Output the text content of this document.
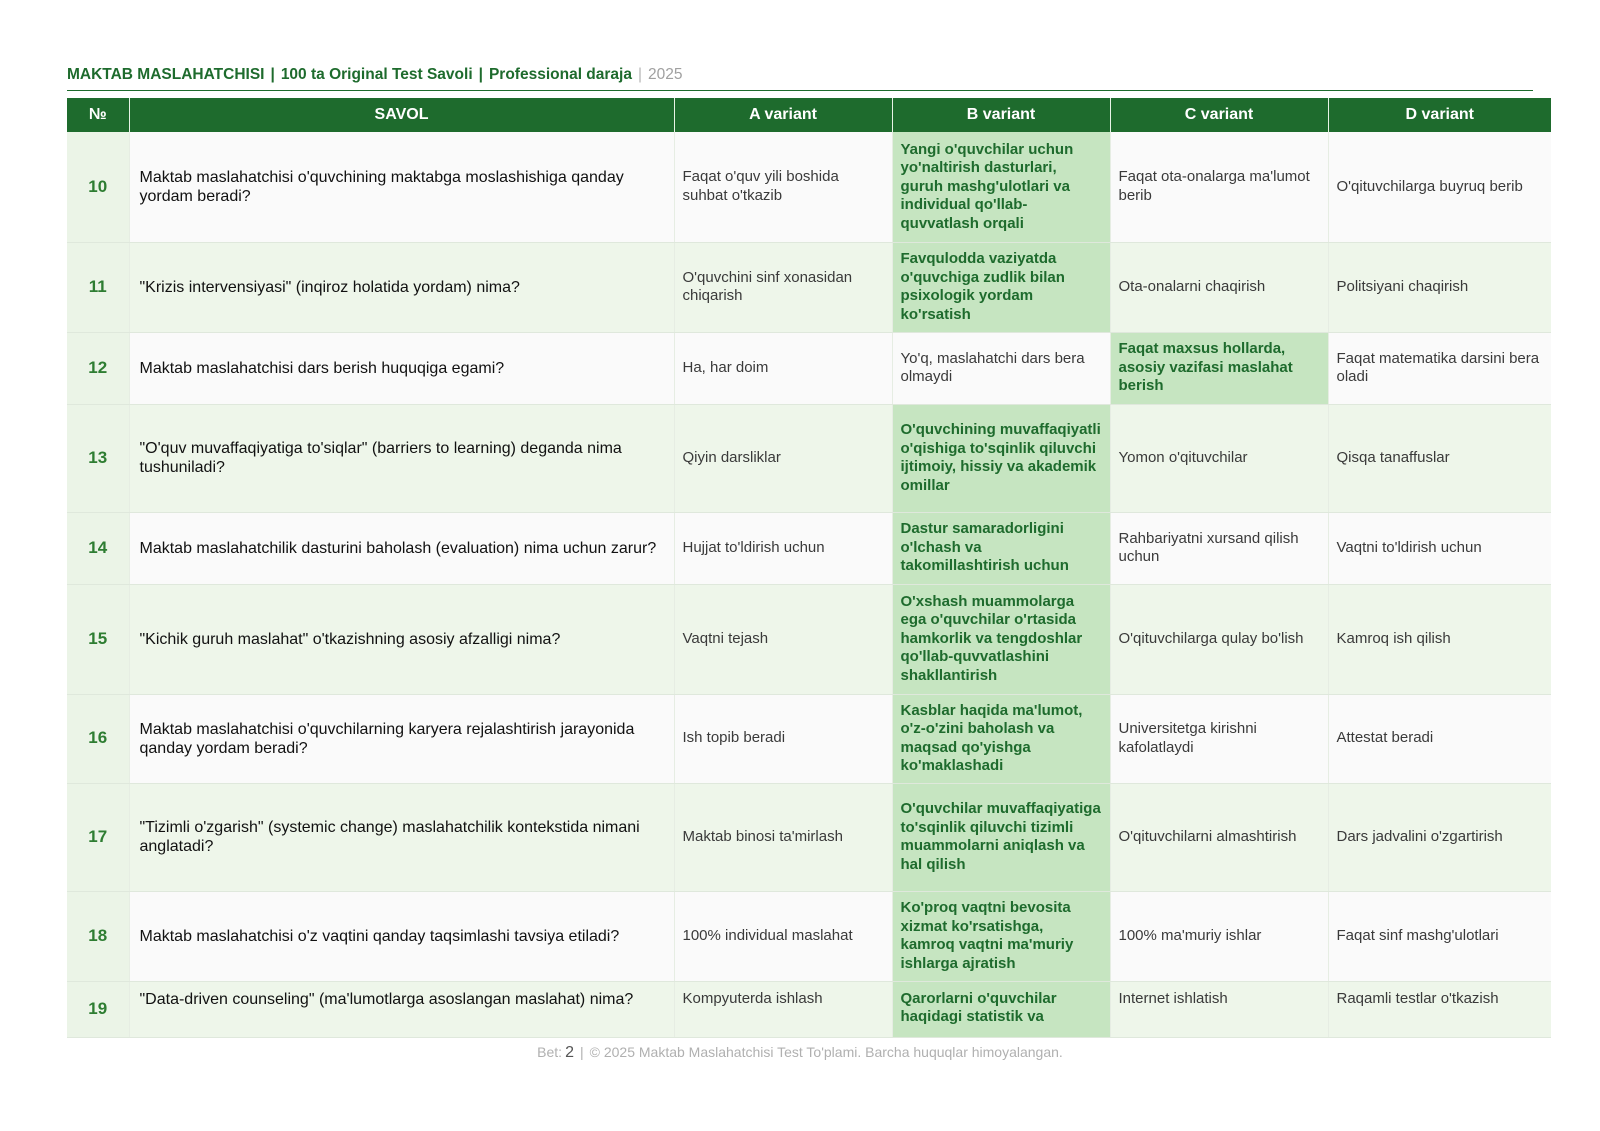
MAKTAB MASLAHATCHISI | 100 ta Original Test Savoli | Professional daraja | 2025
№	SAVOL	A variant	B variant	C variant	D variant
10	Maktab maslahatchisi o'quvchining maktabga moslashishiga qanday yordam beradi?	Faqat o'quv yili boshida suhbat o'tkazib	Yangi o'quvchilar uchun yo'naltirish dasturlari, guruh mashg'ulotlari va individual qo'llab-quvvatlash orqali	Faqat ota-onalarga ma'lumot berib	O'qituvchilarga buyruq berib
11	"Krizis intervensiyasi" (inqiroz holatida yordam) nima?	O'quvchini sinf xonasidan chiqarish	Favqulodda vaziyatda o'quvchiga zudlik bilan psixologik yordam ko'rsatish	Ota-onalarni chaqirish	Politsiyani chaqirish
12	Maktab maslahatchisi dars berish huquqiga egami?	Ha, har doim	Yo'q, maslahatchi dars bera olmaydi	Faqat maxsus hollarda, asosiy vazifasi maslahat berish	Faqat matematika darsini bera oladi
13	"O'quv muvaffaqiyatiga to'siqlar" (barriers to learning) deganda nima tushuniladi?	Qiyin darsliklar	O'quvchining muvaffaqiyatli o'qishiga to'sqinlik qiluvchi ijtimoiy, hissiy va akademik omillar	Yomon o'qituvchilar	Qisqa tanaffuslar
14	Maktab maslahatchilik dasturini baholash (evaluation) nima uchun zarur?	Hujjat to'ldirish uchun	Dastur samaradorligini o'lchash va takomillashtirish uchun	Rahbariyatni xursand qilish uchun	Vaqtni to'ldirish uchun
15	"Kichik guruh maslahat" o'tkazishning asosiy afzalligi nima?	Vaqtni tejash	O'xshash muammolarga ega o'quvchilar o'rtasida hamkorlik va tengdoshlar qo'llab-quvvatlashini shakllantirish	O'qituvchilarga qulay bo'lish	Kamroq ish qilish
16	Maktab maslahatchisi o'quvchilarning karyera rejalashtirish jarayonida qanday yordam beradi?	Ish topib beradi	Kasblar haqida ma'lumot, o'z-o'zini baholash va maqsad qo'yishga ko'maklashadi	Universitetga kirishni kafolatlaydi	Attestat beradi
17	"Tizimli o'zgarish" (systemic change) maslahatchilik kontekstida nimani anglatadi?	Maktab binosi ta'mirlash	O'quvchilar muvaffaqiyatiga to'sqinlik qiluvchi tizimli muammolarni aniqlash va hal qilish	O'qituvchilarni almashtirish	Dars jadvalini o'zgartirish
18	Maktab maslahatchisi o'z vaqtini qanday taqsimlashi tavsiya etiladi?	100% individual maslahat	Ko'proq vaqtni bevosita xizmat ko'rsatishga, kamroq vaqtni ma'muriy ishlarga ajratish	100% ma'muriy ishlar	Faqat sinf mashg'ulotlari
19	"Data-driven counseling" (ma'lumotlarga asoslangan maslahat) nima?	Kompyuterda ishlash	Qarorlarni o'quvchilar haqidagi statistik va	Internet ishlatish	Raqamli testlar o'tkazish
Bet: 2 | © 2025 Maktab Maslahatchisi Test To'plami. Barcha huquqlar himoyalangan.
